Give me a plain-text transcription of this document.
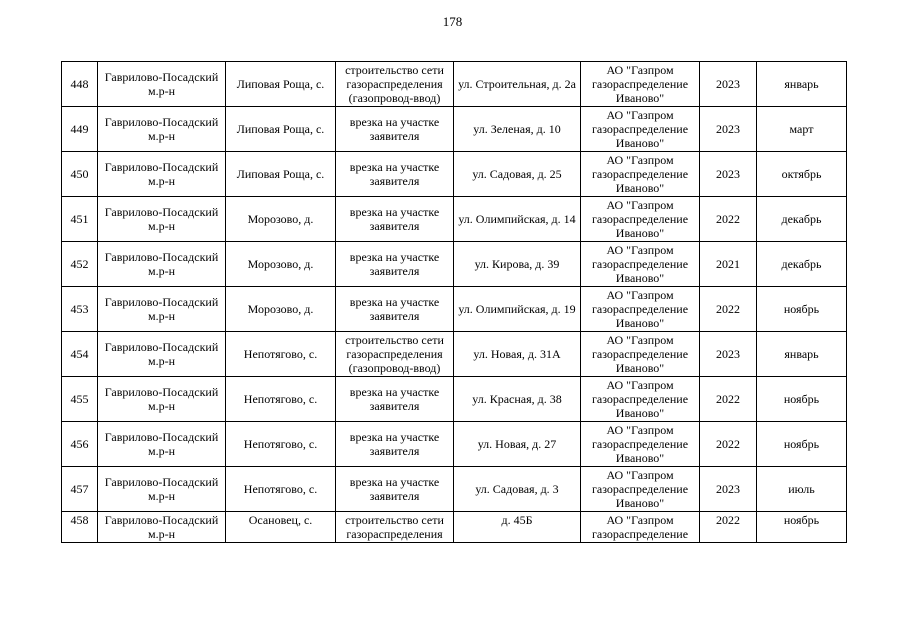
178
448	Гаврилово-Посадский м.р-н	Липовая Роща, с.	строительство сети газораспределения (газопровод-ввод)	ул. Строительная, д. 2а	АО "Газпром газораспределение Иваново"	2023	январь

449	Гаврилово-Посадский м.р-н	Липовая Роща, с.	врезка на участке заявителя	ул. Зеленая, д. 10	АО "Газпром газораспределение Иваново"	2023	март

450	Гаврилово-Посадский м.р-н	Липовая Роща, с.	врезка на участке заявителя	ул. Садовая, д. 25	АО "Газпром газораспределение Иваново"	2023	октябрь

451	Гаврилово-Посадский м.р-н	Морозово, д.	врезка на участке заявителя	ул. Олимпийская, д. 14	АО "Газпром газораспределение Иваново"	2022	декабрь

452	Гаврилово-Посадский м.р-н	Морозово, д.	врезка на участке заявителя	ул. Кирова, д. 39	АО "Газпром газораспределение Иваново"	2021	декабрь

453	Гаврилово-Посадский м.р-н	Морозово, д.	врезка на участке заявителя	ул. Олимпийская, д. 19	АО "Газпром газораспределение Иваново"	2022	ноябрь

454	Гаврилово-Посадский м.р-н	Непотягово, с.	строительство сети газораспределения (газопровод-ввод)	ул. Новая, д. 31А	АО "Газпром газораспределение Иваново"	2023	январь

455	Гаврилово-Посадский м.р-н	Непотягово, с.	врезка на участке заявителя	ул. Красная, д. 38	АО "Газпром газораспределение Иваново"	2022	ноябрь

456	Гаврилово-Посадский м.р-н	Непотягово, с.	врезка на участке заявителя	ул. Новая, д. 27	АО "Газпром газораспределение Иваново"	2022	ноябрь

457	Гаврилово-Посадский м.р-н	Непотягово, с.	врезка на участке заявителя	ул. Садовая, д. 3	АО "Газпром газораспределение Иваново"	2023	июль

458	Гаврилово-Посадский м.р-н	Осановец, с.	строительство сети газораспределения	д. 45Б	АО "Газпром газораспределение	2022	ноябрь
